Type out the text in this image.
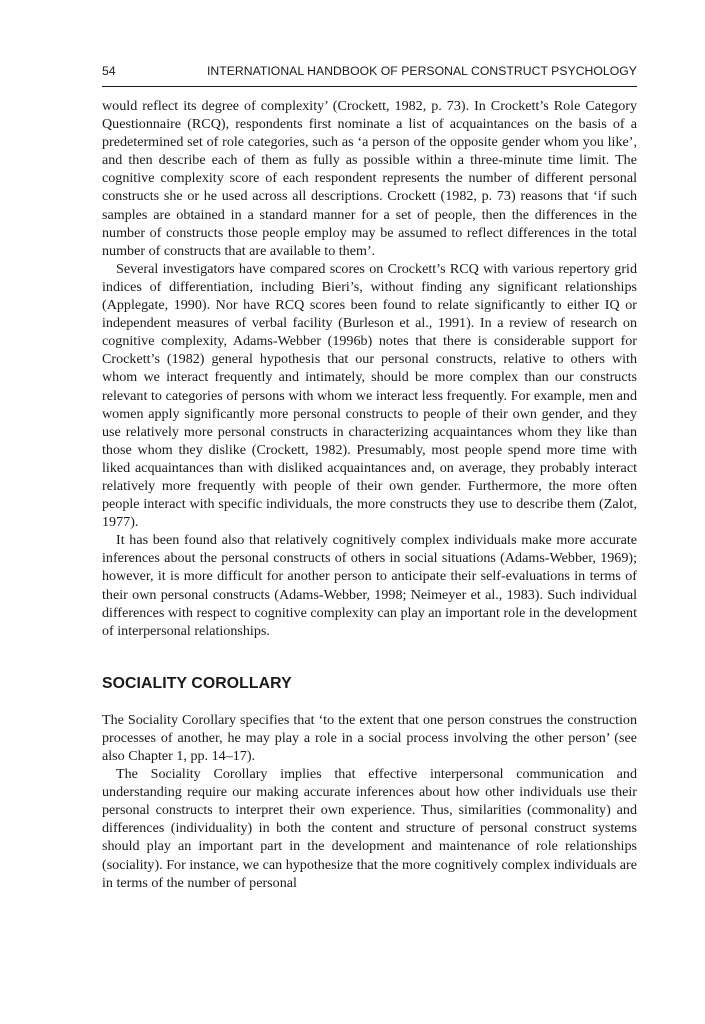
54	INTERNATIONAL HANDBOOK OF PERSONAL CONSTRUCT PSYCHOLOGY

would reflect its degree of complexity’ (Crockett, 1982, p. 73). In Crockett’s Role Category Questionnaire (RCQ), respondents first nominate a list of acquaintances on the basis of a predetermined set of role categories, such as ‘a person of the opposite gender whom you like’, and then describe each of them as fully as possible within a three-minute time limit. The cognitive complexity score of each respondent represents the number of different personal constructs she or he used across all descriptions. Crockett (1982, p. 73) reasons that ‘if such samples are obtained in a standard manner for a set of people, then the differences in the number of constructs those people employ may be assumed to reflect differences in the total number of constructs that are available to them’.

Several investigators have compared scores on Crockett’s RCQ with various repertory grid indices of differentiation, including Bieri’s, without finding any significant relationships (Applegate, 1990). Nor have RCQ scores been found to relate significantly to either IQ or independent measures of verbal facility (Burleson et al., 1991). In a review of research on cognitive complexity, Adams-Webber (1996b) notes that there is considerable support for Crockett’s (1982) general hypothesis that our personal constructs, relative to others with whom we interact frequently and intimately, should be more complex than our constructs relevant to categories of persons with whom we interact less frequently. For example, men and women apply significantly more personal constructs to people of their own gender, and they use relatively more personal constructs in characterizing acquaintances whom they like than those whom they dislike (Crockett, 1982). Presumably, most people spend more time with liked acquaintances than with disliked acquaintances and, on average, they probably interact relatively more frequently with people of their own gender. Furthermore, the more often people interact with specific individuals, the more constructs they use to describe them (Zalot, 1977).

It has been found also that relatively cognitively complex individuals make more accurate inferences about the personal constructs of others in social situations (Adams-Webber, 1969); however, it is more difficult for another person to anticipate their self-evaluations in terms of their own personal constructs (Adams-Webber, 1998; Neimeyer et al., 1983). Such individual differences with respect to cognitive complexity can play an important role in the development of interpersonal relationships.

SOCIALITY COROLLARY

The Sociality Corollary specifies that ‘to the extent that one person construes the construction processes of another, he may play a role in a social process involving the other person’ (see also Chapter 1, pp. 14–17).

The Sociality Corollary implies that effective interpersonal communication and understanding require our making accurate inferences about how other individuals use their personal constructs to interpret their own experience. Thus, similarities (commonality) and differences (individuality) in both the content and structure of personal construct systems should play an important part in the development and maintenance of role relationships (sociality). For instance, we can hypothesize that the more cognitively complex individuals are in terms of the number of personal
